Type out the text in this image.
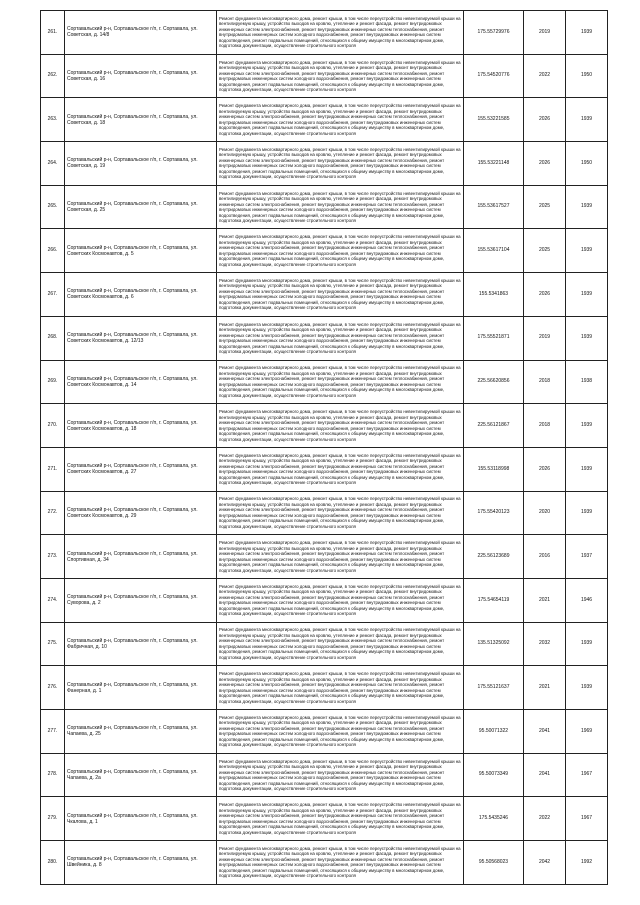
261.	Сортавальский р-н, Сортавальское г/п, г. Сортавала, ул. Советская, д. 14/8	Ремонт фундамента многоквартирного дома, ремонт крыши, в том числе переустройство невентилируемой крыши на вентилируемую крышу, устройство выходов на кровлю, утепление и ремонт фасада, ремонт внутридомовых инженерных систем электроснабжения, ремонт внутридомовых инженерных систем теплоснабжения, ремонт внутридомовых инженерных систем холодного водоснабжения, ремонт внутридомовых инженерных систем водоотведения, ремонт подвальных помещений, относящихся к общему имуществу в многоквартирном доме, подготовка документации, осуществление строительного контроля	175.55729976	2019	1939
262.	Сортавальский р-н, Сортавальское г/п, г. Сортавала, ул. Советская, д. 16	Ремонт фундамента многоквартирного дома, ремонт крыши, в том числе переустройство невентилируемой крыши на вентилируемую крышу, устройство выходов на кровлю, утепление и ремонт фасада, ремонт внутридомовых инженерных систем электроснабжения, ремонт внутридомовых инженерных систем теплоснабжения, ремонт внутридомовых инженерных систем холодного водоснабжения, ремонт внутридомовых инженерных систем водоотведения, ремонт подвальных помещений, относящихся к общему имуществу в многоквартирном доме, подготовка документации, осуществление строительного контроля	175.54520776	2022	1950
263.	Сортавальский р-н, Сортавальское г/п, г. Сортавала, ул. Советская, д. 18	Ремонт фундамента многоквартирного дома, ремонт крыши, в том числе переустройство невентилируемой крыши на вентилируемую крышу, устройство выходов на кровлю, утепление и ремонт фасада, ремонт внутридомовых инженерных систем электроснабжения, ремонт внутридомовых инженерных систем теплоснабжения, ремонт внутридомовых инженерных систем холодного водоснабжения, ремонт внутридомовых инженерных систем водоотведения, ремонт подвальных помещений, относящихся к общему имуществу в многоквартирном доме, подготовка документации, осуществление строительного контроля	155.53221585	2026	1939
264.	Сортавальский р-н, Сортавальское г/п, г. Сортавала, ул. Советская, д. 19	Ремонт фундамента многоквартирного дома, ремонт крыши, в том числе переустройство невентилируемой крыши на вентилируемую крышу, устройство выходов на кровлю, утепление и ремонт фасада, ремонт внутридомовых инженерных систем электроснабжения, ремонт внутридомовых инженерных систем теплоснабжения, ремонт внутридомовых инженерных систем холодного водоснабжения, ремонт внутридомовых инженерных систем водоотведения, ремонт подвальных помещений, относящихся к общему имуществу в многоквартирном доме, подготовка документации, осуществление строительного контроля	155.53221148	2026	1950
265.	Сортавальский р-н, Сортавальское г/п, г. Сортавала, ул. Советская, д. 25	Ремонт фундамента многоквартирного дома, ремонт крыши, в том числе переустройство невентилируемой крыши на вентилируемую крышу, устройство выходов на кровлю, утепление и ремонт фасада, ремонт внутридомовых инженерных систем электроснабжения, ремонт внутридомовых инженерных систем теплоснабжения, ремонт внутридомовых инженерных систем холодного водоснабжения, ремонт внутридомовых инженерных систем водоотведения, ремонт подвальных помещений, относящихся к общему имуществу в многоквартирном доме, подготовка документации, осуществление строительного контроля	155.53617527	2025	1939
266.	Сортавальский р-н, Сортавальское г/п, г. Сортавала, ул. Советских Космонавтов, д. 5	Ремонт фундамента многоквартирного дома, ремонт крыши, в том числе переустройство невентилируемой крыши на вентилируемую крышу, устройство выходов на кровлю, утепление и ремонт фасада, ремонт внутридомовых инженерных систем электроснабжения, ремонт внутридомовых инженерных систем теплоснабжения, ремонт внутридомовых инженерных систем холодного водоснабжения, ремонт внутридомовых инженерных систем водоотведения, ремонт подвальных помещений, относящихся к общему имуществу в многоквартирном доме, подготовка документации, осуществление строительного контроля	155.53617104	2025	1939
267.	Сортавальский р-н, Сортавальское г/п, г. Сортавала, ул. Советских Космонавтов, д. 6	Ремонт фундамента многоквартирного дома, ремонт крыши, в том числе переустройство невентилируемой крыши на вентилируемую крышу, устройство выходов на кровлю, утепление и ремонт фасада, ремонт внутридомовых инженерных систем электроснабжения, ремонт внутридомовых инженерных систем теплоснабжения, ремонт внутридомовых инженерных систем холодного водоснабжения, ремонт внутридомовых инженерных систем водоотведения, ремонт подвальных помещений, относящихся к общему имуществу в многоквартирном доме, подготовка документации, осуществление строительного контроля	155.5341863	2026	1939
268.	Сортавальский р-н, Сортавальское г/п, г. Сортавала, ул. Советских Космонавтов, д. 12/13	Ремонт фундамента многоквартирного дома, ремонт крыши, в том числе переустройство невентилируемой крыши на вентилируемую крышу, устройство выходов на кровлю, утепление и ремонт фасада, ремонт внутридомовых инженерных систем электроснабжения, ремонт внутридомовых инженерных систем теплоснабжения, ремонт внутридомовых инженерных систем холодного водоснабжения, ремонт внутридомовых инженерных систем водоотведения, ремонт подвальных помещений, относящихся к общему имуществу в многоквартирном доме, подготовка документации, осуществление строительного контроля	175.55521871	2019	1939
269.	Сортавальский р-н, Сортавальское г/п, г. Сортавала, ул. Советских Космонавтов, д. 14	Ремонт фундамента многоквартирного дома, ремонт крыши, в том числе переустройство невентилируемой крыши на вентилируемую крышу, устройство выходов на кровлю, утепление и ремонт фасада, ремонт внутридомовых инженерных систем электроснабжения, ремонт внутридомовых инженерных систем теплоснабжения, ремонт внутридомовых инженерных систем холодного водоснабжения, ремонт внутридомовых инженерных систем водоотведения, ремонт подвальных помещений, относящихся к общему имуществу в многоквартирном доме, подготовка документации, осуществление строительного контроля	225.56620856	2018	1938
270.	Сортавальский р-н, Сортавальское г/п, г. Сортавала, ул. Советских Космонавтов, д. 18	Ремонт фундамента многоквартирного дома, ремонт крыши, в том числе переустройство невентилируемой крыши на вентилируемую крышу, устройство выходов на кровлю, утепление и ремонт фасада, ремонт внутридомовых инженерных систем электроснабжения, ремонт внутридомовых инженерных систем теплоснабжения, ремонт внутридомовых инженерных систем холодного водоснабжения, ремонт внутридомовых инженерных систем водоотведения, ремонт подвальных помещений, относящихся к общему имуществу в многоквартирном доме, подготовка документации, осуществление строительного контроля	225.56121867	2018	1939
271.	Сортавальский р-н, Сортавальское г/п, г. Сортавала, ул. Советских Космонавтов, д. 27	Ремонт фундамента многоквартирного дома, ремонт крыши, в том числе переустройство невентилируемой крыши на вентилируемую крышу, устройство выходов на кровлю, утепление и ремонт фасада, ремонт внутридомовых инженерных систем электроснабжения, ремонт внутридомовых инженерных систем теплоснабжения, ремонт внутридомовых инженерных систем холодного водоснабжения, ремонт внутридомовых инженерных систем водоотведения, ремонт подвальных помещений, относящихся к общему имуществу в многоквартирном доме, подготовка документации, осуществление строительного контроля	155.53118998	2026	1939
272.	Сортавальский р-н, Сортавальское г/п, г. Сортавала, ул. Советских Космонавтов, д. 29	Ремонт фундамента многоквартирного дома, ремонт крыши, в том числе переустройство невентилируемой крыши на вентилируемую крышу, устройство выходов на кровлю, утепление и ремонт фасада, ремонт внутридомовых инженерных систем электроснабжения, ремонт внутридомовых инженерных систем теплоснабжения, ремонт внутридомовых инженерных систем холодного водоснабжения, ремонт внутридомовых инженерных систем водоотведения, ремонт подвальных помещений, относящихся к общему имуществу в многоквартирном доме, подготовка документации, осуществление строительного контроля	175.55420123	2020	1939
273.	Сортавальский р-н, Сортавальское г/п, г. Сортавала, ул. Спортивная, д. 34	Ремонт фундамента многоквартирного дома, ремонт крыши, в том числе переустройство невентилируемой крыши на вентилируемую крышу, устройство выходов на кровлю, утепление и ремонт фасада, ремонт внутридомовых инженерных систем электроснабжения, ремонт внутридомовых инженерных систем теплоснабжения, ремонт внутридомовых инженерных систем холодного водоснабжения, ремонт внутридомовых инженерных систем водоотведения, ремонт подвальных помещений, относящихся к общему имуществу в многоквартирном доме, подготовка документации, осуществление строительного контроля	225.56123689	2016	1937
274.	Сортавальский р-н, Сортавальское г/п, г. Сортавала, ул. Суворова, д. 2	Ремонт фундамента многоквартирного дома, ремонт крыши, в том числе переустройство невентилируемой крыши на вентилируемую крышу, устройство выходов на кровлю, утепление и ремонт фасада, ремонт внутридомовых инженерных систем электроснабжения, ремонт внутридомовых инженерных систем теплоснабжения, ремонт внутридомовых инженерных систем холодного водоснабжения, ремонт внутридомовых инженерных систем водоотведения, ремонт подвальных помещений, относящихся к общему имуществу в многоквартирном доме, подготовка документации, осуществление строительного контроля	175.54654119	2021	1946
275.	Сортавальский р-н, Сортавальское г/п, г. Сортавала, ул. Фабричная, д. 10	Ремонт фундамента многоквартирного дома, ремонт крыши, в том числе переустройство невентилируемой крыши на вентилируемую крышу, устройство выходов на кровлю, утепление и ремонт фасада, ремонт внутридомовых инженерных систем электроснабжения, ремонт внутридомовых инженерных систем теплоснабжения, ремонт внутридомовых инженерных систем холодного водоснабжения, ремонт внутридомовых инженерных систем водоотведения, ремонт подвальных помещений, относящихся к общему имуществу в многоквартирном доме, подготовка документации, осуществление строительного контроля	135.51325092	2032	1939
276.	Сортавальский р-н, Сортавальское г/п, г. Сортавала, ул. Фанерная, д. 1	Ремонт фундамента многоквартирного дома, ремонт крыши, в том числе переустройство невентилируемой крыши на вентилируемую крышу, устройство выходов на кровлю, утепление и ремонт фасада, ремонт внутридомовых инженерных систем электроснабжения, ремонт внутридомовых инженерных систем теплоснабжения, ремонт внутридомовых инженерных систем холодного водоснабжения, ремонт внутридомовых инженерных систем водоотведения, ремонт подвальных помещений, относящихся к общему имуществу в многоквартирном доме, подготовка документации, осуществление строительного контроля	175.55121637	2021	1939
277.	Сортавальский р-н, Сортавальское г/п, г. Сортавала, ул. Чапаева, д. 25	Ремонт фундамента многоквартирного дома, ремонт крыши, в том числе переустройство невентилируемой крыши на вентилируемую крышу, устройство выходов на кровлю, утепление и ремонт фасада, ремонт внутридомовых инженерных систем электроснабжения, ремонт внутридомовых инженерных систем теплоснабжения, ремонт внутридомовых инженерных систем холодного водоснабжения, ремонт внутридомовых инженерных систем водоотведения, ремонт подвальных помещений, относящихся к общему имуществу в многоквартирном доме, подготовка документации, осуществление строительного контроля	95.50071322	2041	1969
278.	Сортавальский р-н, Сортавальское г/п, г. Сортавала, ул. Чапаева, д. 2а	Ремонт фундамента многоквартирного дома, ремонт крыши, в том числе переустройство невентилируемой крыши на вентилируемую крышу, устройство выходов на кровлю, утепление и ремонт фасада, ремонт внутридомовых инженерных систем электроснабжения, ремонт внутридомовых инженерных систем теплоснабжения, ремонт внутридомовых инженерных систем холодного водоснабжения, ремонт внутридомовых инженерных систем водоотведения, ремонт подвальных помещений, относящихся к общему имуществу в многоквартирном доме, подготовка документации, осуществление строительного контроля	95.50073349	2041	1967
279.	Сортавальский р-н, Сортавальское г/п, г. Сортавала, ул. Чкалова, д. 1	Ремонт фундамента многоквартирного дома, ремонт крыши, в том числе переустройство невентилируемой крыши на вентилируемую крышу, устройство выходов на кровлю, утепление и ремонт фасада, ремонт внутридомовых инженерных систем электроснабжения, ремонт внутридомовых инженерных систем теплоснабжения, ремонт внутридомовых инженерных систем холодного водоснабжения, ремонт внутридомовых инженерных систем водоотведения, ремонт подвальных помещений, относящихся к общему имуществу в многоквартирном доме, подготовка документации, осуществление строительного контроля	175.5435246	2022	1967
280.	Сортавальский р-н, Сортавальское г/п, г. Сортавала, ул. Швейника, д. 8	Ремонт фундамента многоквартирного дома, ремонт крыши, в том числе переустройство невентилируемой крыши на вентилируемую крышу, устройство выходов на кровлю, утепление и ремонт фасада, ремонт внутридомовых инженерных систем электроснабжения, ремонт внутридомовых инженерных систем теплоснабжения, ремонт внутридомовых инженерных систем холодного водоснабжения, ремонт внутридомовых инженерных систем водоотведения, ремонт подвальных помещений, относящихся к общему имуществу в многоквартирном доме, подготовка документации, осуществление строительного контроля	95.50568023	2042	1992
